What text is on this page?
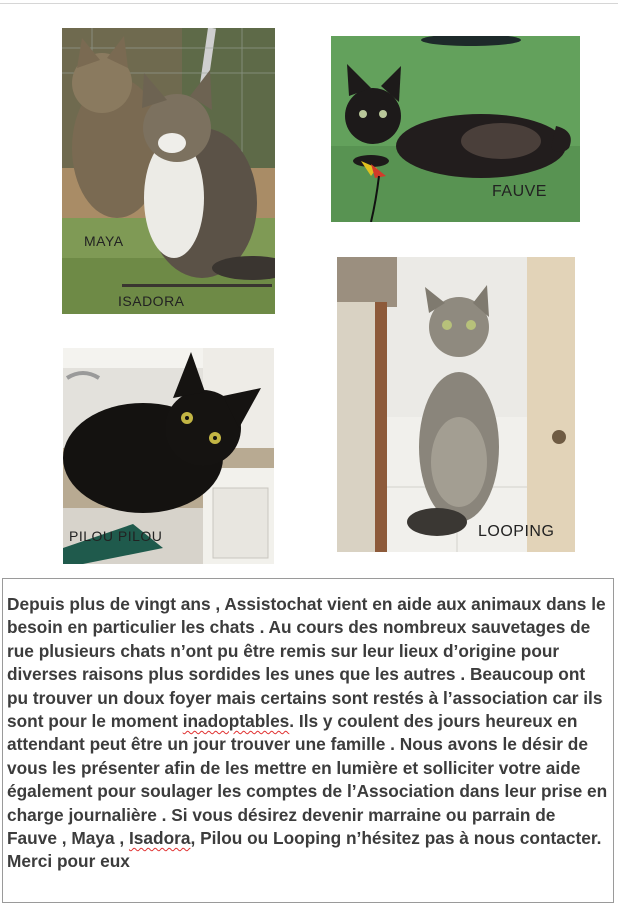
MAYA
ISADORA
FAUVE
PILOU PILOU	LOOPING

Depuis plus de vingt ans , Assistochat vient en aide aux animaux dans le besoin en particulier les chats . Au cours des nombreux sauvetages de rue plusieurs chats n’ont pu être remis sur leur lieux d’origine pour diverses raisons plus sordides les unes que les autres . Beaucoup ont pu trouver un doux foyer mais certains sont restés à l’association car ils sont pour le moment inadoptables. Ils y coulent des jours heureux en attendant peut être un jour trouver une famille . Nous avons le désir de vous les présenter afin de les mettre en lumière et solliciter votre aide également pour soulager les comptes de l’Association dans leur prise en charge journalière . Si vous désirez devenir marraine ou parrain de Fauve , Maya , Isadora, Pilou ou Looping n’hésitez pas à nous contacter. Merci pour eux
